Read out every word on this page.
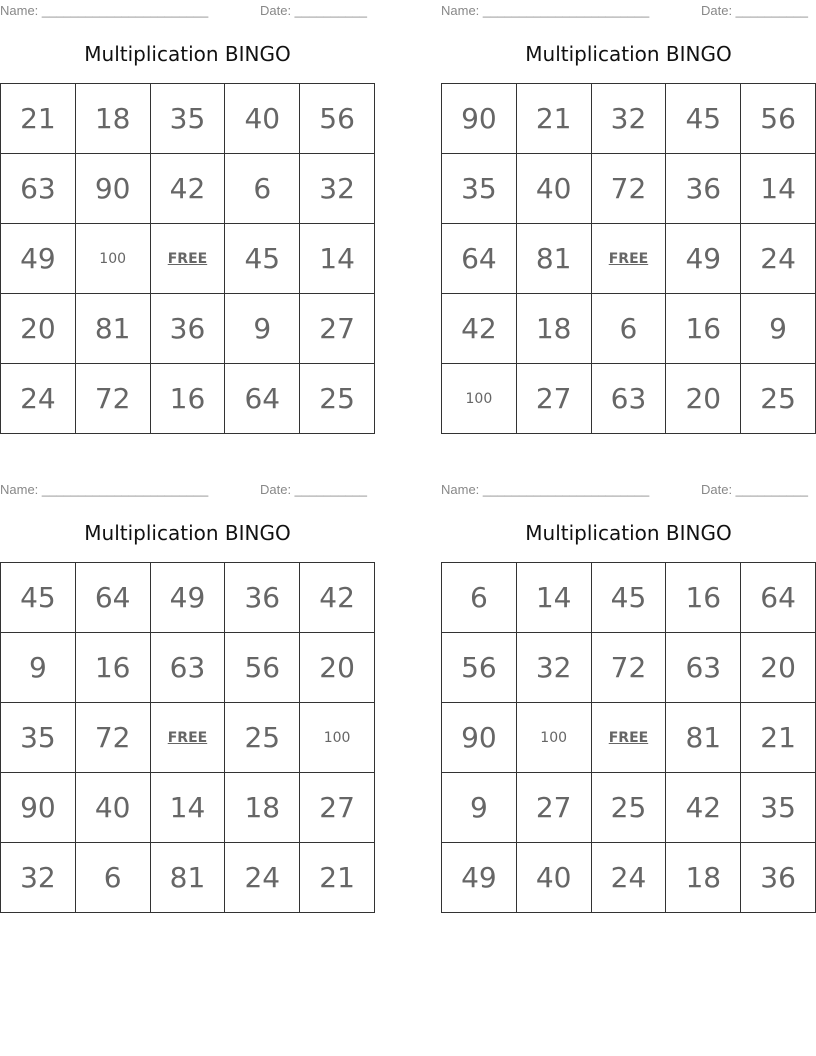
Name: _______________________	Date: __________
Multiplication BINGO
21	18	35	40	56
63	90	42	6	32
49	100	FREE	45	14
20	81	36	9	27
24	72	16	64	25
Name: _______________________	Date: __________
Multiplication BINGO
90	21	32	45	56
35	40	72	36	14
64	81	FREE	49	24
42	18	6	16	9
100	27	63	20	25
Name: _______________________	Date: __________
Multiplication BINGO
45	64	49	36	42
9	16	63	56	20
35	72	FREE	25	100
90	40	14	18	27
32	6	81	24	21
Name: _______________________	Date: __________
Multiplication BINGO
6	14	45	16	64
56	32	72	63	20
90	100	FREE	81	21
9	27	25	42	35
49	40	24	18	36
